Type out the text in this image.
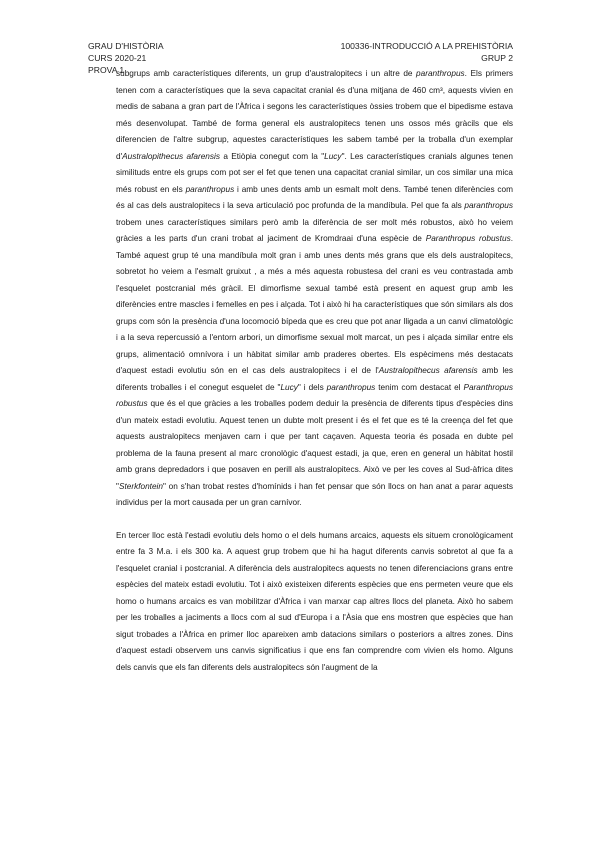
GRAU D'HISTÒRIA
CURS 2020-21
PROVA 1
100336-INTRODUCCIÓ A LA PREHISTÒRIA
GRUP 2

subgrups amb característiques diferents, un grup d'australopitecs i un altre de paranthropus. Els primers tenen com a característiques que la seva capacitat cranial és d'una mitjana de 460 cm³, aquests vivien en medis de sabana a gran part de l'Àfrica i segons les característiques òssies trobem que el bipedisme estava més desenvolupat. També de forma general els australopitecs tenen uns ossos més gràcils que els diferencien de l'altre subgrup, aquestes característiques les sabem també per la troballa d'un exemplar d'Australopithecus afarensis a Etiòpia conegut com la "Lucy". Les característiques cranials algunes tenen similituds entre els grups com pot ser el fet que tenen una capacitat cranial similar, un cos similar una mica més robust en els paranthropus i amb unes dents amb un esmalt molt dens. També tenen diferències com és al cas dels australopitecs i la seva articulació poc profunda de la mandíbula. Pel que fa als paranthropus trobem unes característiques similars però amb la diferència de ser molt més robustos, això ho veiem gràcies a les parts d'un crani trobat al jaciment de Kromdraai d'una espècie de Paranthropus robustus. També aquest grup té una mandíbula molt gran i amb unes dents més grans que els dels australopitecs, sobretot ho veiem a l'esmalt gruixut , a més a més aquesta robustesa del crani es veu contrastada amb l'esquelet postcranial més gràcil. El dimorfisme sexual també està present en aquest grup amb les diferències entre mascles i femelles en pes i alçada. Tot i això hi ha característiques que són similars als dos grups com són la presència d'una locomoció bípeda que es creu que pot anar lligada a un canvi climatològic i a la seva repercussió a l'entorn arbori, un dimorfisme sexual molt marcat, un pes i alçada similar entre els grups, alimentació omnívora i un hàbitat similar amb praderes obertes. Els espècimens més destacats d'aquest estadi evolutiu són en el cas dels australopitecs i el de l'Australopithecus afarensis amb les diferents troballes i el conegut esquelet de "Lucy" i dels paranthropus tenim com destacat el Paranthropus robustus que és el que gràcies a les troballes podem deduir la presència de diferents tipus d'espècies dins d'un mateix estadi evolutiu. Aquest tenen un dubte molt present i és el fet que es té la creença del fet que aquests australopitecs menjaven carn i que per tant caçaven. Aquesta teoria és posada en dubte pel problema de la fauna present al marc cronològic d'aquest estadi, ja que, eren en general un hàbitat hostil amb grans depredadors i que posaven en perill als australopitecs. Això ve per les coves al Sud-àfrica dites "Sterkfontein" on s'han trobat restes d'homínids i han fet pensar que són llocs on han anat a parar aquests individus per la mort causada per un gran carnívor.

En tercer lloc està l'estadi evolutiu dels homo o el dels humans arcaics, aquests els situem cronològicament entre fa 3 M.a. i els 300 ka. A aquest grup trobem que hi ha hagut diferents canvis sobretot al que fa a l'esquelet cranial i postcranial. A diferència dels australopitecs aquests no tenen diferenciacions grans entre espècies del mateix estadi evolutiu. Tot i això existeixen diferents espècies que ens permeten veure que els homo o humans arcaics es van mobilitzar d'Àfrica i van marxar cap altres llocs del planeta. Això ho sabem per les troballes a jaciments a llocs com al sud d'Europa i a l'Àsia que ens mostren que espècies que han sigut trobades a l'Àfrica en primer lloc apareixen amb datacions similars o posteriors a altres zones. Dins d'aquest estadi observem uns canvis significatius i que ens fan comprendre com vivien els homo. Alguns dels canvis que els fan diferents dels australopitecs són l'augment de la
